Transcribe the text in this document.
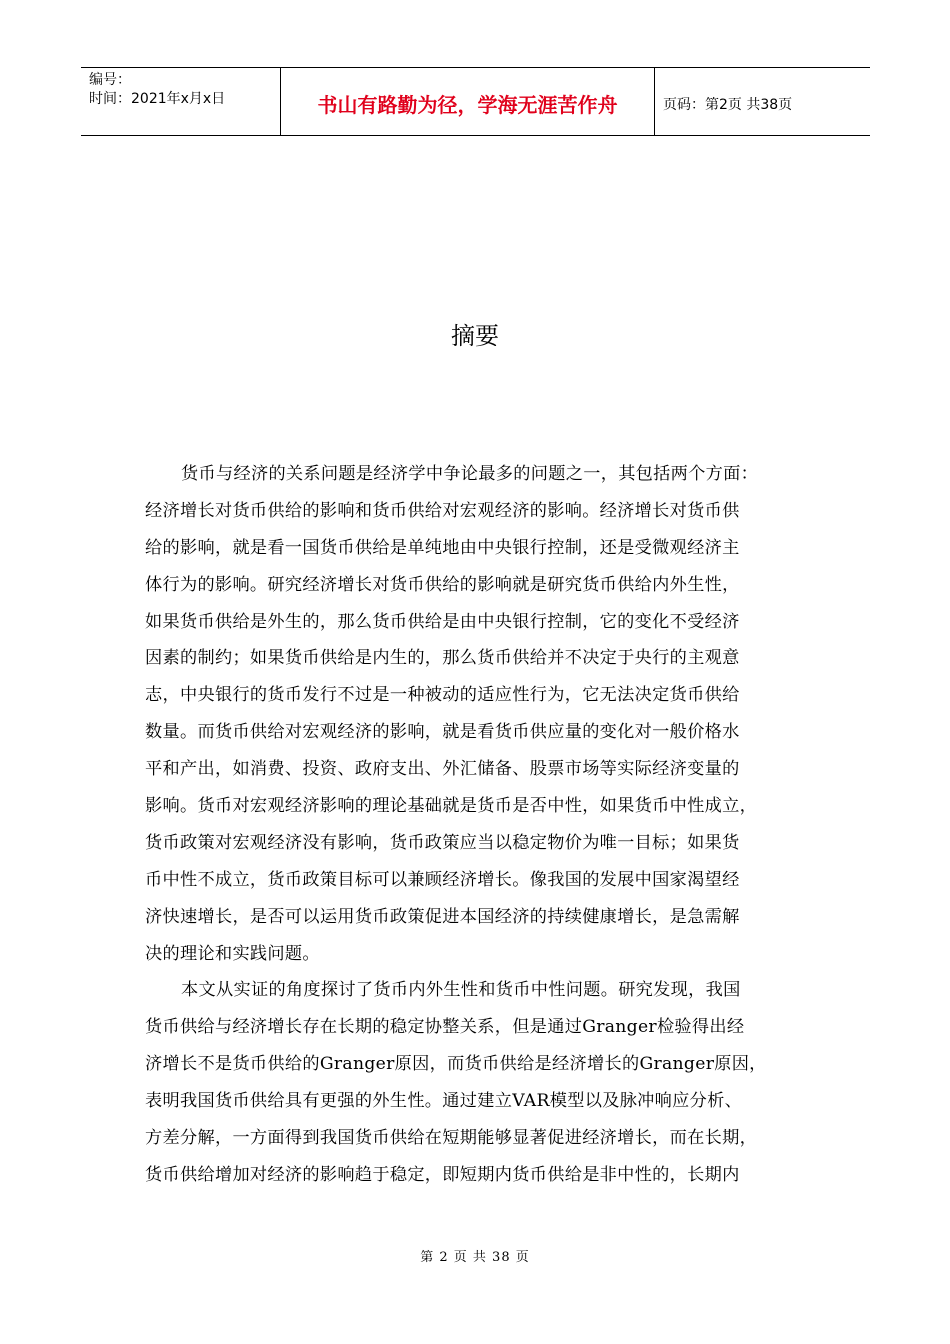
编号：
时间：2021年x月x日	书山有路勤为径，学海无涯苦作舟	页码：第2页 共38页
摘要
货币与经济的关系问题是经济学中争论最多的问题之一，其包括两个方面：
经济增长对货币供给的影响和货币供给对宏观经济的影响。经济增长对货币供
给的影响，就是看一国货币供给是单纯地由中央银行控制，还是受微观经济主
体行为的影响。研究经济增长对货币供给的影响就是研究货币供给内外生性，
如果货币供给是外生的，那么货币供给是由中央银行控制，它的变化不受经济
因素的制约；如果货币供给是内生的，那么货币供给并不决定于央行的主观意
志，中央银行的货币发行不过是一种被动的适应性行为，它无法决定货币供给
数量。而货币供给对宏观经济的影响，就是看货币供应量的变化对一般价格水
平和产出，如消费、投资、政府支出、外汇储备、股票市场等实际经济变量的
影响。货币对宏观经济影响的理论基础就是货币是否中性，如果货币中性成立，
货币政策对宏观经济没有影响，货币政策应当以稳定物价为唯一目标；如果货
币中性不成立，货币政策目标可以兼顾经济增长。像我国的发展中国家渴望经
济快速增长，是否可以运用货币政策促进本国经济的持续健康增长，是急需解
决的理论和实践问题。
本文从实证的角度探讨了货币内外生性和货币中性问题。研究发现，我国
货币供给与经济增长存在长期的稳定协整关系，但是通过Granger检验得出经
济增长不是货币供给的Granger原因，而货币供给是经济增长的Granger原因，
表明我国货币供给具有更强的外生性。通过建立VAR模型以及脉冲响应分析、
方差分解，一方面得到我国货币供给在短期能够显著促进经济增长，而在长期，
货币供给增加对经济的影响趋于稳定，即短期内货币供给是非中性的，长期内
第 2 页 共 38 页
